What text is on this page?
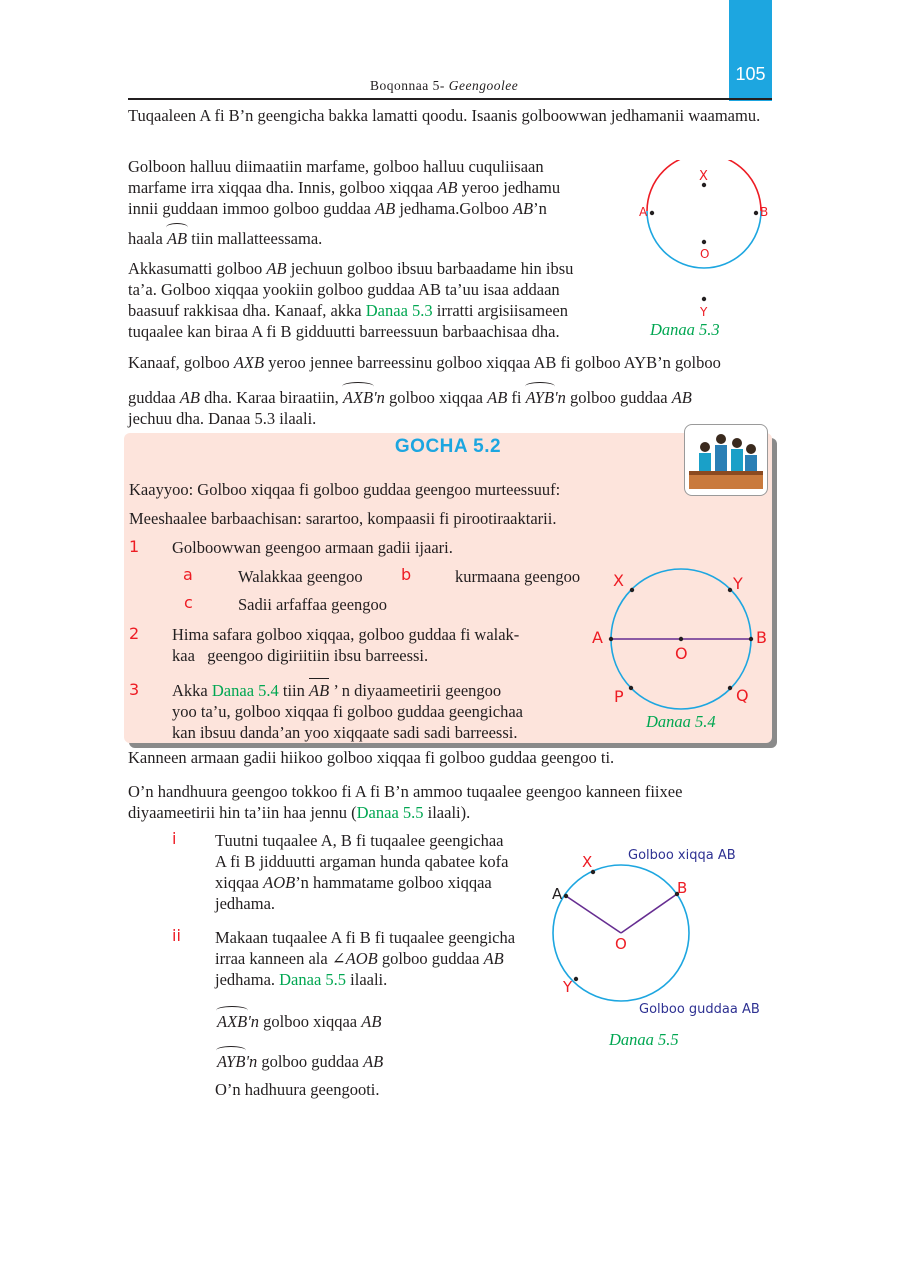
105
Boqonnaa 5- Geengoolee
Tuqaaleen A fi B’n geengicha bakka lamatti qoodu. Isaanis golboowwan jedhamanii waamamu.
Golboon halluu diimaatiin marfame, golboo halluu cuquliisaan
marfame irra xiqqaa dha. Innis, golboo xiqqaa AB yeroo jedhamu
innii guddaan immoo golboo guddaa AB jedhama.Golboo AB’n
haala AB tiin mallatteessama.
Akkasumatti golboo AB jechuun golboo ibsuu barbaadame hin ibsu
ta’a. Golboo xiqqaa yookiin golboo guddaa AB ta’uu isaa addaan
baasuuf rakkisaa dha. Kanaaf, akka Danaa 5.3 irratti argisiisameen
tuqaalee kan biraa A fi B gidduutti barreessuun barbaachisaa dha.
Kanaaf, golboo AXB yeroo jennee barreessinu golboo xiqqaa AB fi golboo AYB’n golboo
guddaa AB dha. Karaa biraatiin, AXB'n golboo xiqqaa AB fi AYB'n golboo guddaa AB
jechuu dha. Danaa 5.3 ilaali.
X
A	B
O
Y
Danaa 5.3
GOCHA 5.2
Kaayyoo: Golboo xiqqaa fi golboo guddaa geengoo murteessuuf:
Meeshaalee barbaachisan: sarartoo, kompaasii fi pirootiraaktarii.
1 Golboowwan geengoo armaan gadii ijaari.
a	Walakkaa geengoo b	kurmaana geengoo
c	Sadii arfaffaa geengoo
2 Hima safara golboo xiqqaa, golboo guddaa fi walak-
kaa   geengoo digiriitiin ibsu barreessi.
3 Akka Danaa 5.4 tiin AB ’ n diyaameetirii geengoo
yoo ta’u, golboo xiqqaa fi golboo guddaa geengichaa
kan ibsuu danda’an yoo xiqqaate sadi sadi barreessi.
X	Y
A	B
O
P	Q
Danaa 5.4
Kanneen armaan gadii hiikoo golboo xiqqaa fi golboo guddaa geengoo ti.
O’n handhuura geengoo tokkoo fi A fi B’n ammoo tuqaalee geengoo kanneen fiixee
diyaameetirii hin ta’iin haa jennu (Danaa 5.5 ilaali).
i Tuutni tuqaalee A, B fi tuqaalee geengichaa
A fi B jidduutti argaman hunda qabatee kofa
xiqqaa AOB’n hammatame golboo xiqqaa
jedhama.
ii Makaan tuqaalee A fi B fi tuqaalee geengicha
irraa kanneen ala ∠AOB golboo guddaa AB
jedhama. Danaa 5.5 ilaali.
AXB'n golboo xiqqaa AB
AYB'n golboo guddaa AB
O’n hadhuura geengooti.
X
A	B
O
Y
Golboo xiqqa AB
Golboo guddaa AB
Danaa 5.5
